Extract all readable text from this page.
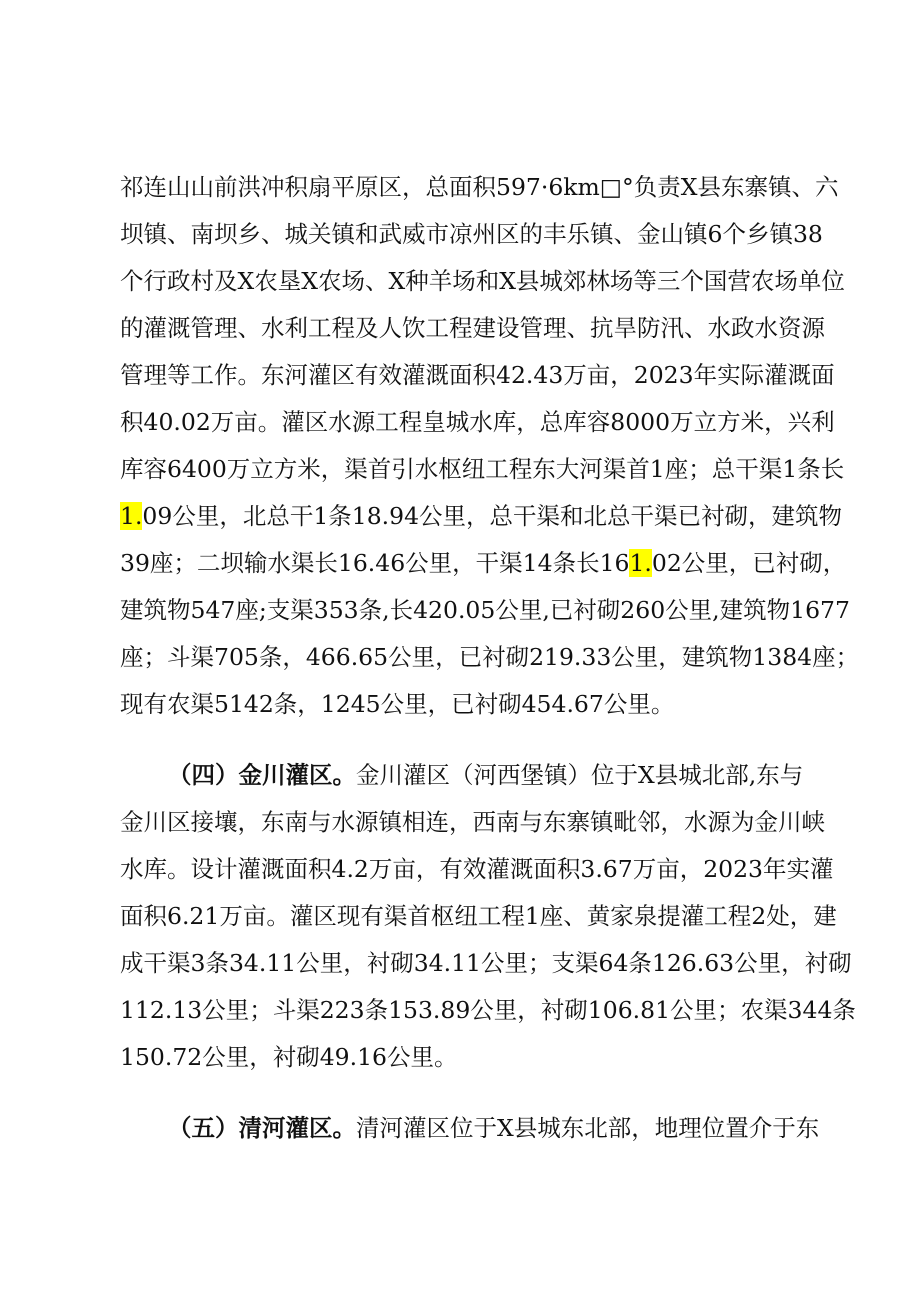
祁连山山前洪冲积扇平原区，总面积597·6km□°负责X县东寨镇、六
坝镇、南坝乡、城关镇和武威市凉州区的丰乐镇、金山镇6个乡镇38
个行政村及X农垦X农场、X种羊场和X县城郊林场等三个国营农场单位
的灌溉管理、水利工程及人饮工程建设管理、抗旱防汛、水政水资源
管理等工作。东河灌区有效灌溉面积42.43万亩，2023年实际灌溉面
积40.02万亩。灌区水源工程皇城水库，总库容8000万立方米，兴利
库容6400万立方米，渠首引水枢纽工程东大河渠首1座；总干渠1条长
1.09公里，北总干1条18.94公里，总干渠和北总干渠已衬砌，建筑物
39座；二坝输水渠长16.46公里，干渠14条长161.02公里，已衬砌，
建筑物547座;支渠353条,长420.05公里,已衬砌260公里,建筑物1677
座；斗渠705条，466.65公里，已衬砌219.33公里，建筑物1384座；
现有农渠5142条，1245公里，已衬砌454.67公里。
（四）金川灌区。金川灌区（河西堡镇）位于X县城北部,东与
金川区接壤，东南与水源镇相连，西南与东寨镇毗邻，水源为金川峡
水库。设计灌溉面积4.2万亩，有效灌溉面积3.67万亩，2023年实灌
面积6.21万亩。灌区现有渠首枢纽工程1座、黄家泉提灌工程2处，建
成干渠3条34.11公里，衬砌34.11公里；支渠64条126.63公里，衬砌
112.13公里；斗渠223条153.89公里，衬砌106.81公里；农渠344条
150.72公里，衬砌49.16公里。
（五）清河灌区。清河灌区位于X县城东北部，地理位置介于东
